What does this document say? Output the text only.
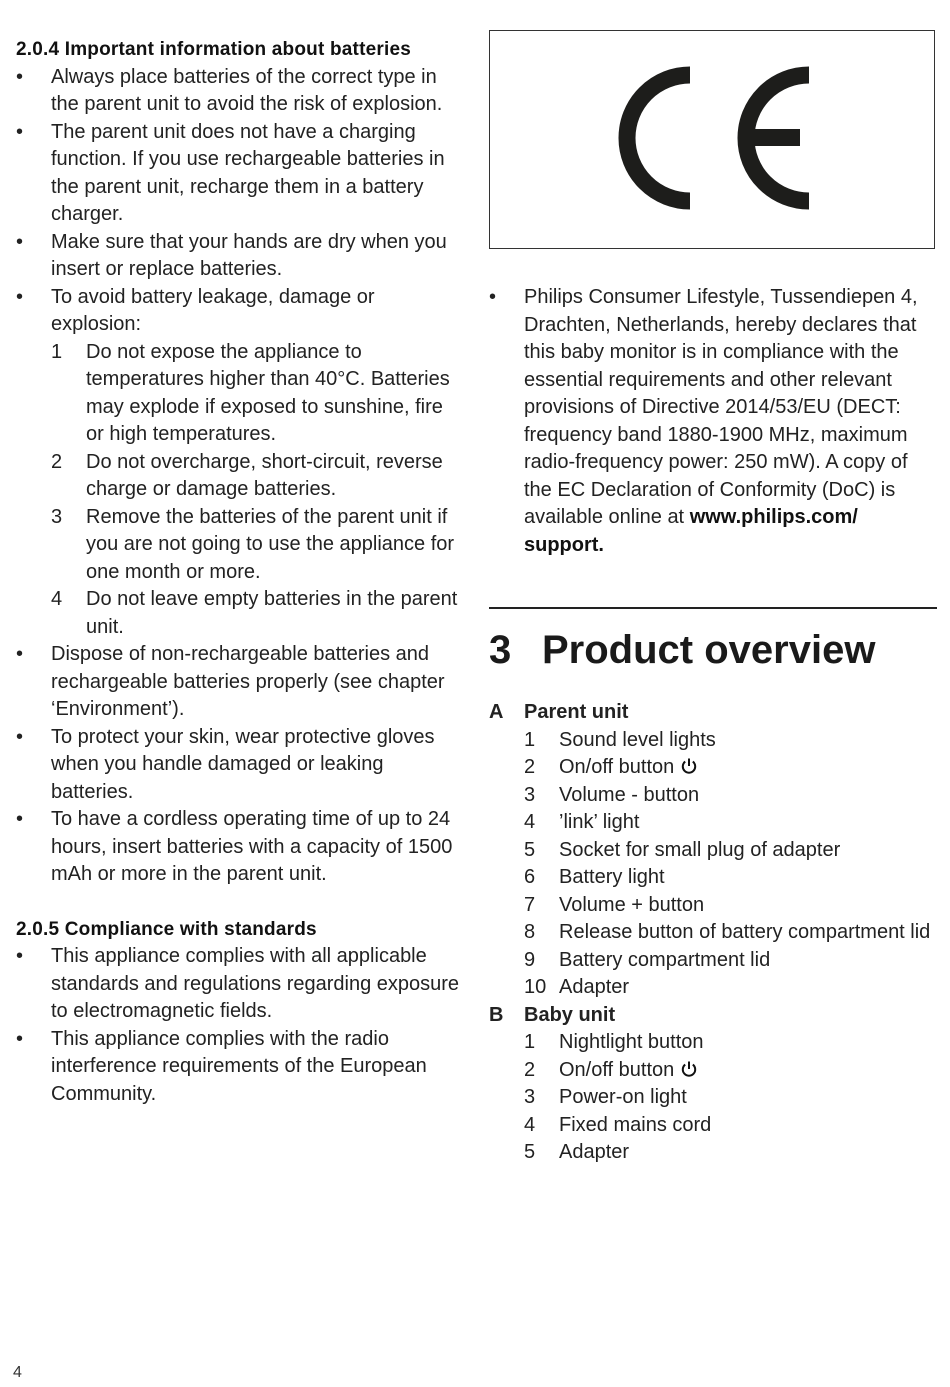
2.0.4 Important information about batteries
• Always place batteries of the correct type in the parent unit to avoid the risk of explosion.
• The parent unit does not have a charging function. If you use rechargeable batteries in the parent unit, recharge them in a battery charger.
• Make sure that your hands are dry when you insert or replace batteries.
• To avoid battery leakage, damage or explosion:
1 Do not expose the appliance to temperatures higher than 40°C. Batteries may explode if exposed to sunshine, fire or high temperatures.
2 Do not overcharge, short-circuit, reverse charge or damage batteries.
3 Remove the batteries of the parent unit if you are not going to use the appliance for one month or more.
4 Do not leave empty batteries in the parent unit.
• Dispose of non-rechargeable batteries and rechargeable batteries properly (see chapter ‘Environment’).
• To protect your skin, wear protective gloves when you handle damaged or leaking batteries.
• To have a cordless operating time of up to 24 hours, insert batteries with a capacity of 1500 mAh or more in the parent unit.
2.0.5 Compliance with standards
• This appliance complies with all applicable standards and regulations regarding exposure to electromagnetic fields.
• This appliance complies with the radio interference requirements of the European Community.
• Philips Consumer Lifestyle, Tussendiepen 4, Drachten, Netherlands, hereby declares that this baby monitor is in compliance with the essential requirements and other relevant provisions of Directive 2014/53/EU (DECT: frequency band 1880-1900 MHz, maximum radio-frequency power: 250 mW). A copy of the EC Declaration of Conformity (DoC) is available online at www.philips.com/ support.
3 Product overview
A Parent unit
1 Sound level lights
2 On/off button
3 Volume - button
4 ’link’ light
5 Socket for small plug of adapter
6 Battery light
7 Volume + button
8 Release button of battery compartment lid
9 Battery compartment lid
10 Adapter
B Baby unit
1 Nightlight button
2 On/off button
3 Power-on light
4 Fixed mains cord
5 Adapter
4
